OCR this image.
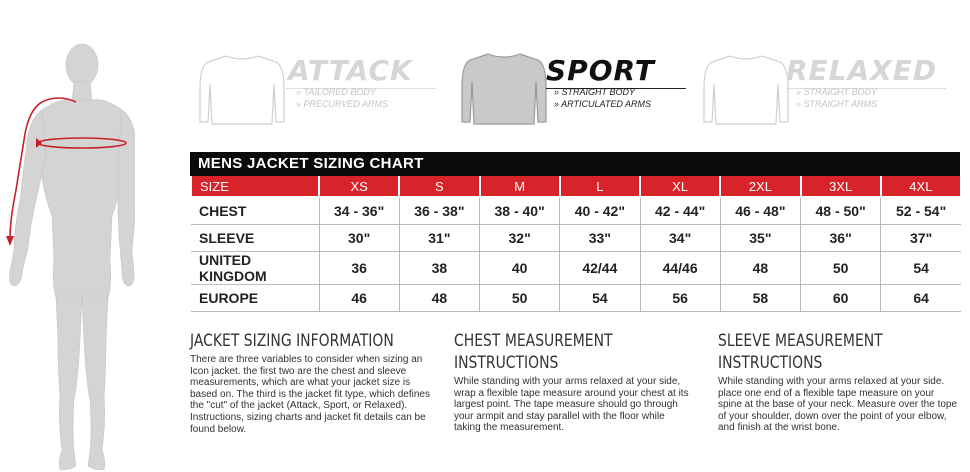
ATTACK
» TAILORED BODY
» PRECURVED ARMS
SPORT
» STRAIGHT BODY
» ARTICULATED ARMS
RELAXED
» STRAIGHT BODY
» STRAIGHT ARMS
MENS JACKET SIZING CHART
SIZE	XS	S	M	L	XL	2XL	3XL	4XL
CHEST	34 - 36"	36 - 38"	38 - 40"	40 - 42"	42 - 44"	46 - 48"	48 - 50"	52 - 54"
SLEEVE	30"	31"	32"	33"	34"	35"	36"	37"
UNITED KINGDOM	36	38	40	42/44	44/46	48	50	54
EUROPE	46	48	50	54	56	58	60	64
JACKET SIZING INFORMATION

There are three variables to consider when sizing an Icon jacket. the first two are the chest and sleeve measurements, which are what your jacket size is based on. The third is the jacket fit type, which defines the "cut" of the jacket (Attack, Sport, or Relaxed). Instructions, sizing charts and jacket fit details can be found below.

CHEST MEASUREMENT
INSTRUCTIONS

While standing with your arms relaxed at your side, wrap a flexible tape measure around your chest at its largest point. The tape measure should go through your armpit and stay parallel with the floor while taking the measurement.

SLEEVE MEASUREMENT
INSTRUCTIONS

While standing with your arms relaxed at your side. place one end of a flexible tape measure on your spine at the base of your neck. Measure over the tope of your shoulder, down over the point of your elbow, and finish at the wrist bone.
